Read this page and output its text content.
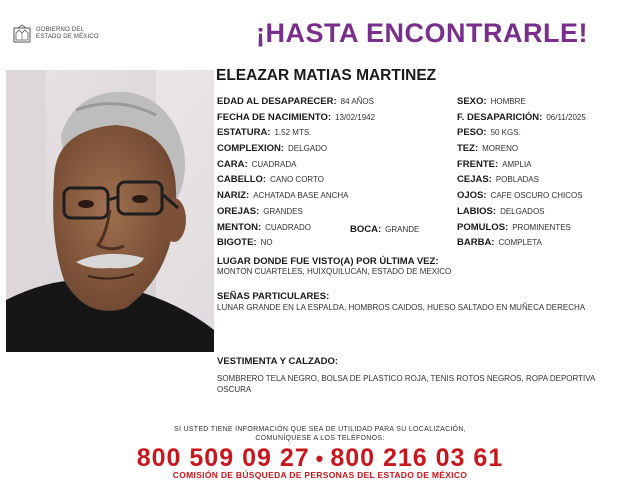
GOBIERNO DEL
ESTADO DE MÉXICO	¡HASTA ENCONTRARLE!
ELEAZAR MATIAS MARTINEZ
EDAD AL DESAPARECER: 84 AÑOS
FECHA DE NACIMIENTO: 13/02/1942
ESTATURA: 1.52 MTS.
COMPLEXION: DELGADO
CARA: CUADRADA
CABELLO: CANO CORTO
NARIZ: ACHATADA BASE ANCHA
OREJAS: GRANDES
MENTON: CUADRADO	BOCA: GRANDE
BIGOTE: NO
SEXO: HOMBRE
F. DESAPARICIÓN: 06/11/2025
PESO: 50 KGS.
TEZ: MORENO
FRENTE: AMPLIA
CEJAS: POBLADAS
OJOS: CAFE OSCURO CHICOS
LABIOS: DELGADOS
POMULOS: PROMINENTES
BARBA: COMPLETA
LUGAR DONDE FUE VISTO(A) POR ÚLTIMA VEZ:
MONTON CUARTELES, HUIXQUILUCAN, ESTADO DE MEXICO
SEÑAS PARTICULARES:
LUNAR GRANDE EN LA ESPALDA, HOMBROS CAIDOS, HUESO SALTADO EN MUÑECA DERECHA
VESTIMENTA Y CALZADO:
SOMBRERO TELA NEGRO, BOLSA DE PLASTICO ROJA, TENIS ROTOS NEGROS, ROPA DEPORTIVA OSCURA
SI USTED TIENE INFORMACIÓN QUE SEA DE UTILIDAD PARA SU LOCALIZACIÓN,
COMUNÍQUESE A LOS TELÉFONOS:
800 509 09 27 • 800 216 03 61
COMISIÓN DE BÚSQUEDA DE PERSONAS DEL ESTADO DE MÉXICO
